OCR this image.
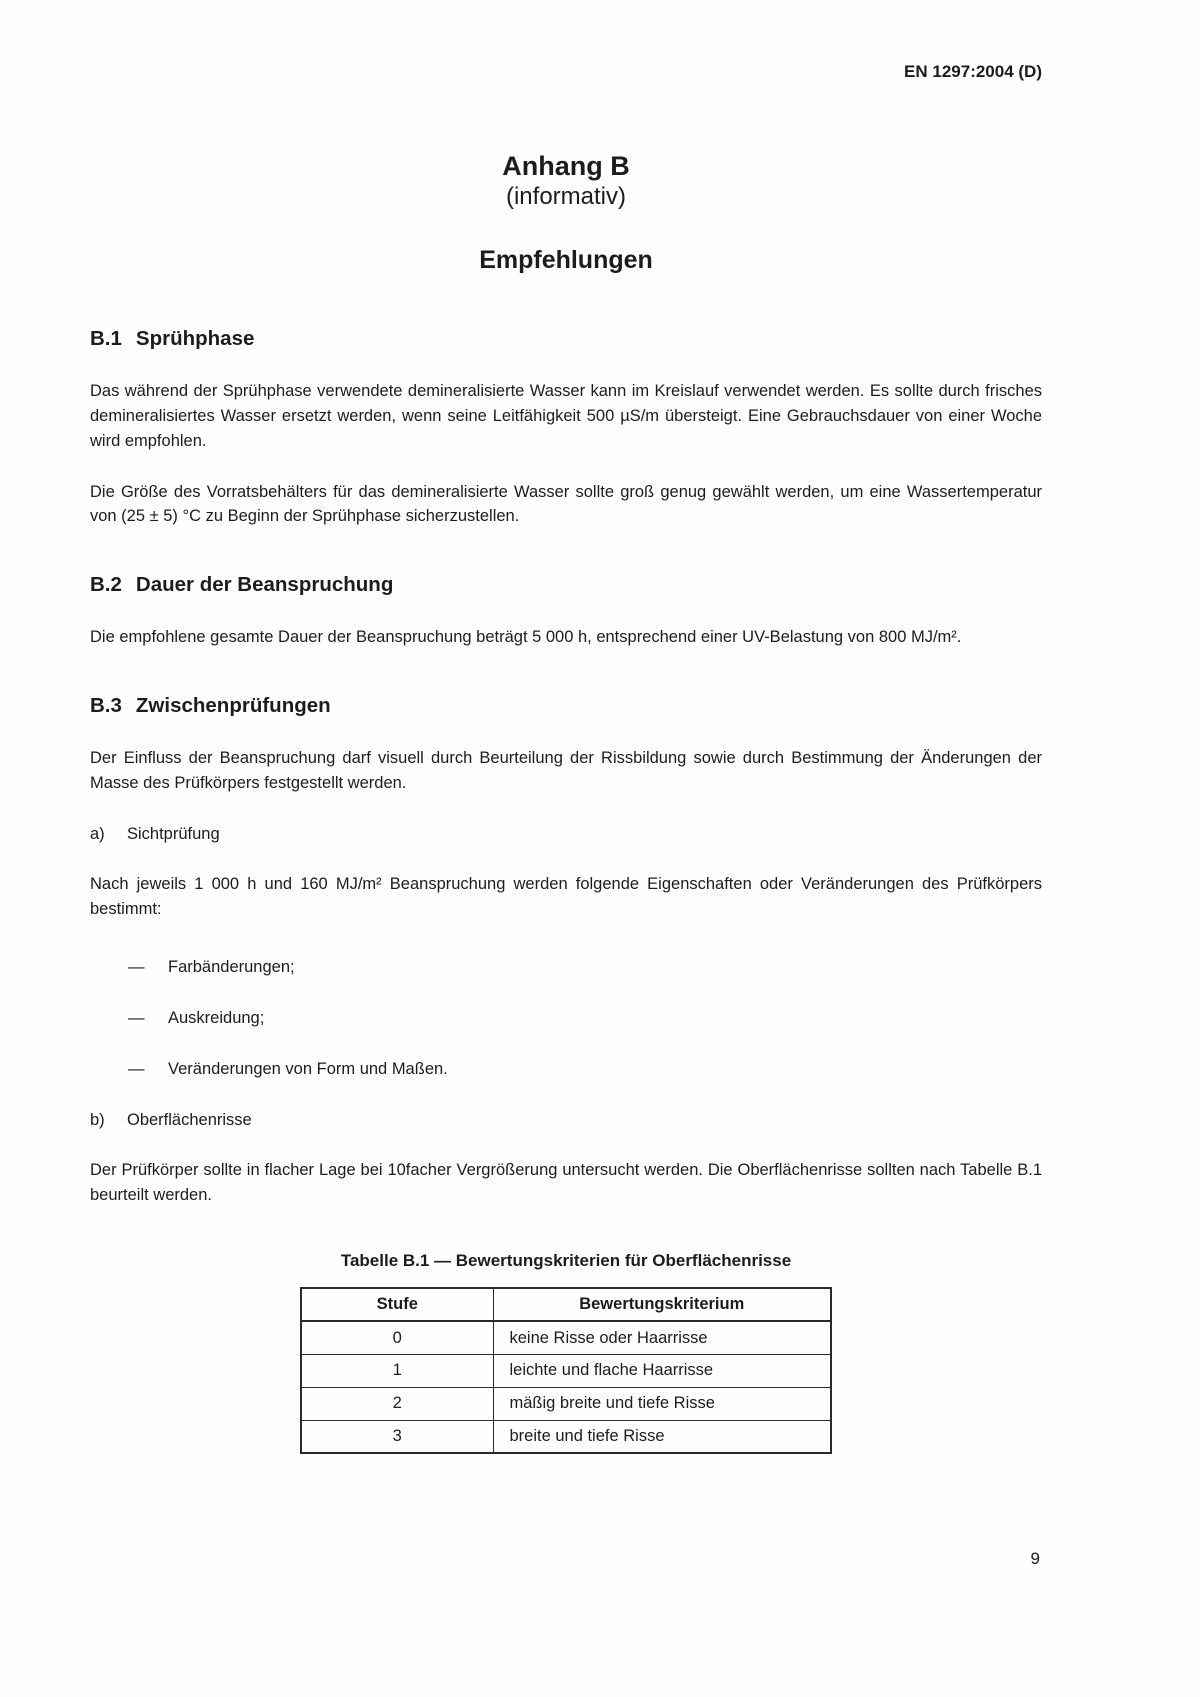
EN 1297:2004 (D)
Anhang B
(informativ)
Empfehlungen
B.1 Sprühphase

Das während der Sprühphase verwendete demineralisierte Wasser kann im Kreislauf verwendet werden. Es sollte durch frisches demineralisiertes Wasser ersetzt werden, wenn seine Leitfähigkeit 500 µS/m übersteigt. Eine Gebrauchsdauer von einer Woche wird empfohlen.

Die Größe des Vorratsbehälters für das demineralisierte Wasser sollte groß genug gewählt werden, um eine Wassertemperatur von (25 ± 5) °C zu Beginn der Sprühphase sicherzustellen.

B.2 Dauer der Beanspruchung

Die empfohlene gesamte Dauer der Beanspruchung beträgt 5 000 h, entsprechend einer UV-Belastung von 800 MJ/m².

B.3 Zwischenprüfungen

Der Einfluss der Beanspruchung darf visuell durch Beurteilung der Rissbildung sowie durch Bestimmung der Änderungen der Masse des Prüfkörpers festgestellt werden.

a) Sichtprüfung

Nach jeweils 1 000 h und 160 MJ/m² Beanspruchung werden folgende Eigenschaften oder Veränderungen des Prüfkörpers bestimmt:

— Farbänderungen;
— Auskreidung;
— Veränderungen von Form und Maßen.
b) Oberflächenrisse

Der Prüfkörper sollte in flacher Lage bei 10facher Vergrößerung untersucht werden. Die Oberflächenrisse sollten nach Tabelle B.1 beurteilt werden.

Tabelle B.1 — Bewertungskriterien für Oberflächenrisse
Stufe	Bewertungskriterium
0	keine Risse oder Haarrisse
1	leichte und flache Haarrisse
2	mäßig breite und tiefe Risse
3	breite und tiefe Risse
9
